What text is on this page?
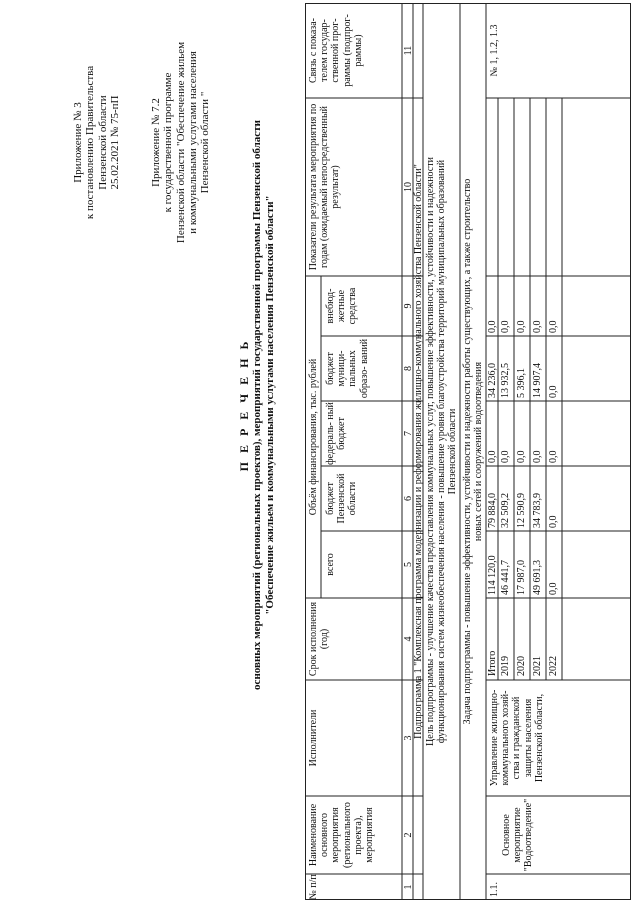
Приложение № 3 к постановлению Правительства Пензенской области 25.02.2021 № 75-пП	Приложение № 7.2 к государственной программе Пензенской области "Обеспечение жильем и коммунальными услугами населения Пензенской области "
П Е Р Е Ч Е Н Ь основных мероприятий (региональных проектов), мероприятий государственной программы Пензенской области "Обеспечение жильем и коммунальными услугами населения Пензенской области"
№ п/п
Наименование основного мероприятия (регионального проекта), мероприятия
Исполнители
Срок исполнения (год)
Объём финансирования, тыс. рублей
всего
бюджет Пензенской области
федераль- ный бюджет
бюджет муници- пальных образо- ваний
внебюд- жетные средства
Показатели результата мероприятия по годам (ожидаемый непосредственный результат)
Связь с показа- телем государ- ственной прог- раммы (подпрог- раммы)
1
2
3
4
5
6
7
8
9
10
11
Подпрограмма 1 "Комплексная программа модернизации и реформирования жилищно-коммунального хозяйства Пензенской области" Цель подпрограммы - улучшение качества предоставления коммунальных услуг, повышение эффективности, устойчивости и надежности функционирования систем жизнеобеспечения населения - повышение уровня благоустройства территорий муниципальных образований Пензенской области Задача подпрограммы - повышение эффективности, устойчивости и надежности работы существующих, а также строительство новых сетей и сооружений водоотведения
1.1.
Основное мероприятие "Водоотведение"
Управление жилищно-коммунального хозяй-ства и гражданской защиты населения Пензенской области,
№ 1, 1.2, 1.3
Итого
114 120,0
79 884,0
0,0
34 236,0
0,0
2019
46 441,7
32 509,2
0,0
13 932,5
0,0
2020
17 987,0
12 590,9
0,0
5 396,1
0,0
2021
49 691,3
34 783,9
0,0
14 907,4
0,0
2022
0,0
0,0
0,0
0,0
0,0
